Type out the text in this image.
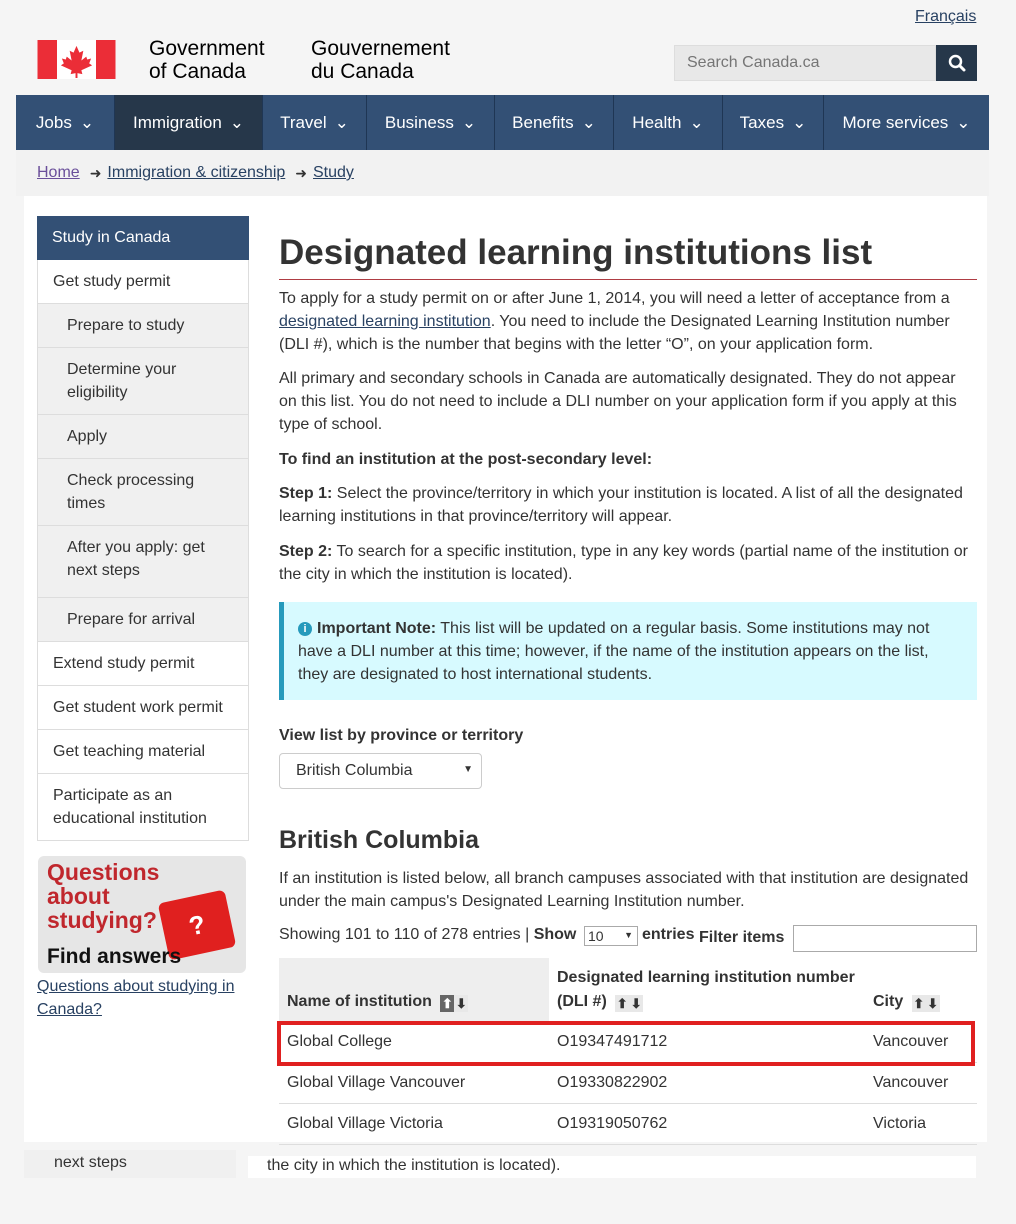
Français
Government
of Canada
Gouvernement
du Canada
Search Canada.ca
Jobs ⌄ Immigration ⌄ Travel ⌄ Business ⌄ Benefits ⌄ Health ⌄ Taxes ⌄ More services ⌄
Home ➜ Immigration & citizenship ➜ Study
Study in Canada
Get study permit
Prepare to study
Determine your eligibility
Apply
Check processing times
After you apply: get next steps
Prepare for arrival
Extend study permit
Get student work permit
Get teaching material
Participate as an educational institution
Questions
about
studying?	?
Find answers
Questions about studying in Canada?
Designated learning institutions list
To apply for a study permit on or after June 1, 2014, you will need a letter of acceptance from a designated learning institution. You need to include the Designated Learning Institution number (DLI #), which is the number that begins with the letter “O”, on your application form.
All primary and secondary schools in Canada are automatically designated. They do not appear on this list. You do not need to include a DLI number on your application form if you apply at this type of school.
To find an institution at the post-secondary level:
Step 1: Select the province/territory in which your institution is located. A list of all the designated learning institutions in that province/territory will appear.
Step 2: To search for a specific institution, type in any key words (partial name of the institution or the city in which the institution is located).
i Important Note: This list will be updated on a regular basis. Some institutions may not have a DLI number at this time; however, if the name of the institution appears on the list, they are designated to host international students.
View list by province or territory
British Columbia	▼
British Columbia
If an institution is listed below, all branch campuses associated with that institution are designated under the main campus's Designated Learning Institution number.
Showing 101 to 110 of 278 entries | Show 10 ▼ entries Filter items
Name of institution ⬆ ⬇	Designated learning institution number (DLI #) ⬆ ⬇	City ⬆ ⬇

Global College	O19347491712	Vancouver
Global Village Vancouver	O19330822902	Vancouver
Global Village Victoria	O19319050762	Victoria
next steps	the city in which the institution is located).
